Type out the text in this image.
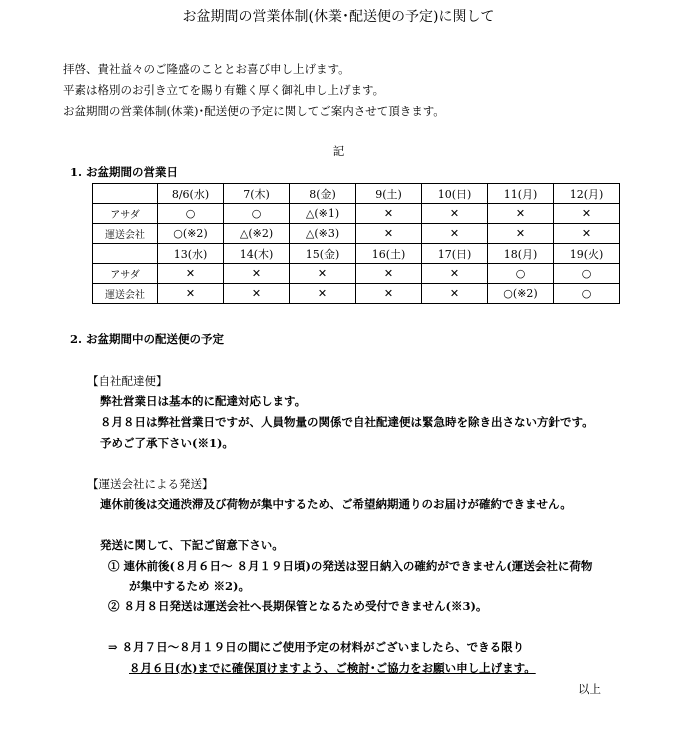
お盆期間の営業体制(休業･配送便の予定)に関して
拝啓、貴社益々のご隆盛のこととお喜び申し上げます。
平素は格別のお引き立てを賜り有難く厚く御礼申し上げます。
お盆期間の営業体制(休業)･配送便の予定に関してご案内させて頂きます。
記
1. お盆期間の営業日
	8/6(水)	7(木)	8(金)	9(土)	10(日)	11(月)	12(月)
アサダ	○	○	△(※1)	✕	✕	✕	✕
運送会社	○(※2)	△(※2)	△(※3)	✕	✕	✕	✕
	13(水)	14(木)	15(金)	16(土)	17(日)	18(月)	19(火)
アサダ	✕	✕	✕	✕	✕	○	○
運送会社	✕	✕	✕	✕	✕	○(※2)	○
2. お盆期間中の配送便の予定
【自社配達便】
弊社営業日は基本的に配達対応します。
８月８日は弊社営業日ですが、人員物量の関係で自社配達便は緊急時を除き出さない方針です。
予めご了承下さい(※1)。
【運送会社による発送】
連休前後は交通渋滞及び荷物が集中するため、ご希望納期通りのお届けが確約できません。
発送に関して、下記ご留意下さい。
① 連休前後(８月６日～ ８月１９日頃)の発送は翌日納入の確約ができません(運送会社に荷物
が集中するため ※2)。
② ８月８日発送は運送会社へ長期保管となるため受付できません(※3)。
⇒ ８月７日～８月１９日の間にご使用予定の材料がございましたら、できる限り
８月６日(水)までに確保頂けますよう、ご検討･ご協力をお願い申し上げます。
以上
